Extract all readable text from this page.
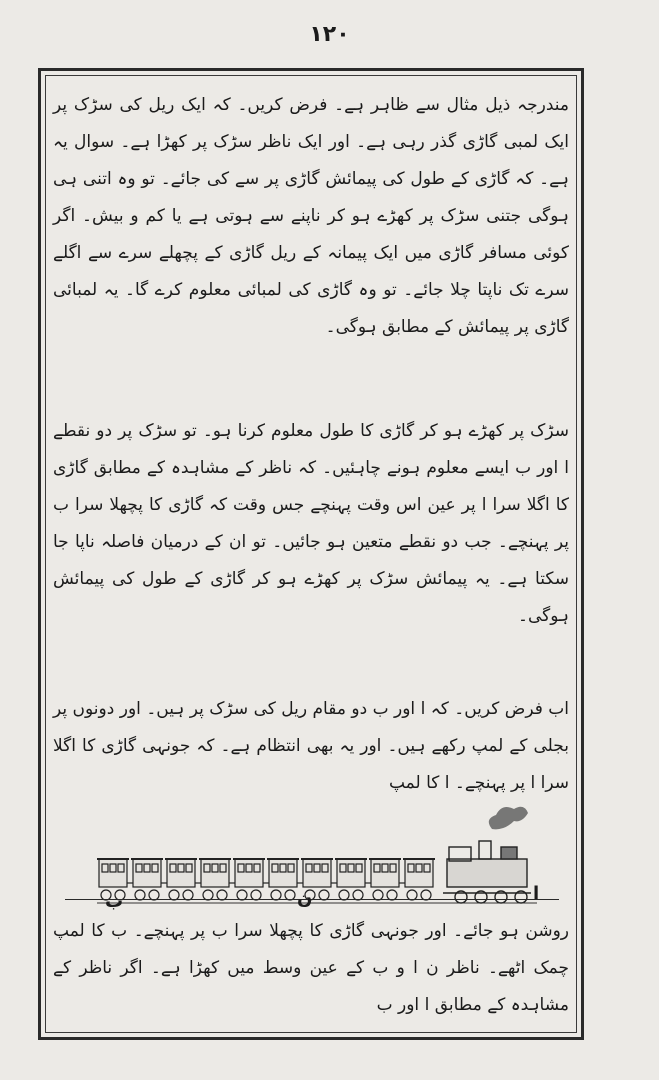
۱۲۰
مندرجہ ذیل مثال سے ظاہر ہے۔ فرض کریں۔ کہ ایک ریل کی سڑک پر ایک لمبی گاڑی گذر رہی ہے۔ اور ایک ناظر سڑک پر کھڑا ہے۔ سوال یہ ہے۔ کہ گاڑی کے طول کی پیمائش گاڑی پر سے کی جائے۔ تو وہ اتنی ہی ہوگی جتنی سڑک پر کھڑے ہو کر ناپنے سے ہوتی ہے یا کم و بیش۔ اگر کوئی مسافر گاڑی میں ایک پیمانہ کے ریل گاڑی کے پچھلے سرے سے اگلے سرے تک ناپتا چلا جائے۔ تو وہ گاڑی کی لمبائی معلوم کرے گا۔ یہ لمبائی گاڑی پر پیمائش کے مطابق ہوگی۔
سڑک پر کھڑے ہو کر گاڑی کا طول معلوم کرنا ہو۔ تو سڑک پر دو نقطے ا اور ب ایسے معلوم ہونے چاہئیں۔ کہ ناظر کے مشاہدہ کے مطابق گاڑی کا اگلا سرا ا پر عین اس وقت پہنچے جس وقت کہ گاڑی کا پچھلا سرا ب پر پہنچے۔ جب دو نقطے متعین ہو جائیں۔ تو ان کے درمیان فاصلہ ناپا جا سکتا ہے۔ یہ پیمائش سڑک پر کھڑے ہو کر گاڑی کے طول کی پیمائش ہوگی۔
اب فرض کریں۔ کہ ا اور ب دو مقام ریل کی سڑک پر ہیں۔ اور دونوں پر بجلی کے لمپ رکھے ہیں۔ اور یہ بھی انتظام ہے۔ کہ جونہی گاڑی کا اگلا سرا ا پر پہنچے۔ ا کا لمپ
ا
ن
ب
روشن ہو جائے۔ اور جونہی گاڑی کا پچھلا سرا ب پر پہنچے۔ ب کا لمپ چمک اٹھے۔ ناظر ن ا و ب کے عین وسط میں کھڑا ہے۔ اگر ناظر کے مشاہدہ کے مطابق ا اور ب
